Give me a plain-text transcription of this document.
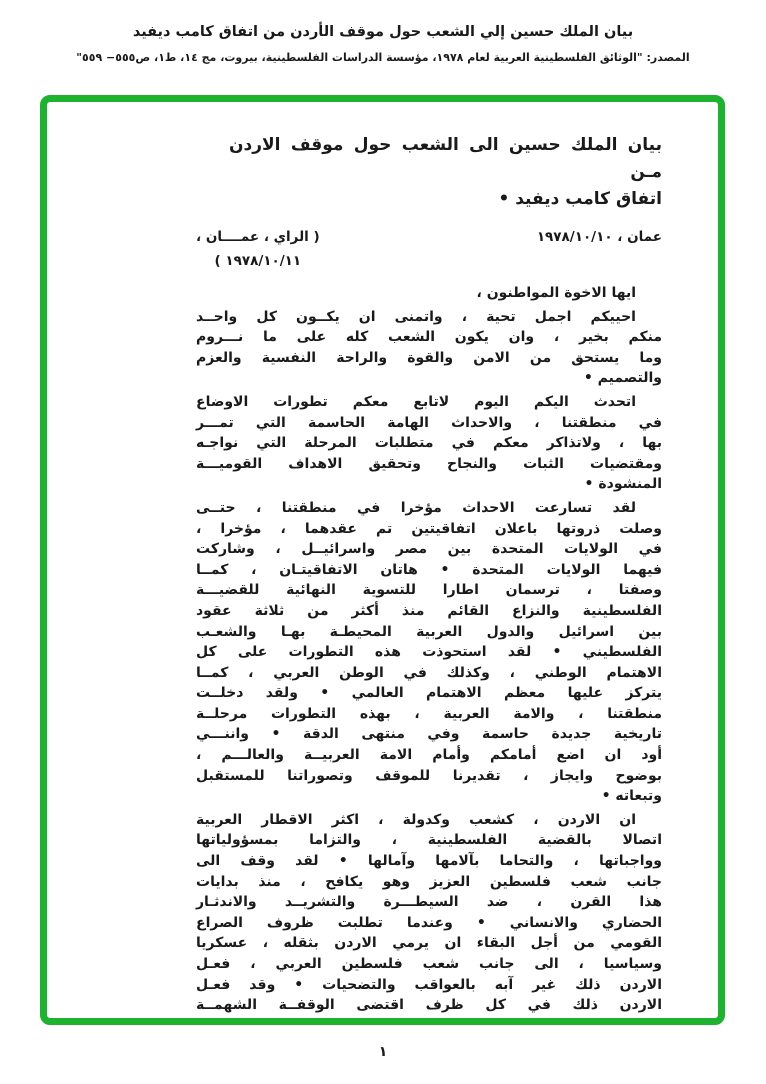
بيان الملك حسين إلي الشعب حول موقف الأردن من اتفاق كامب ديفيد
المصدر: "الوثائق الفلسطينية العربية لعام ١٩٧٨، مؤسسة الدراسات الفلسطينية، بيروت، مج ١٤، ط١، ص٥٥٥− ٥٥٩"
بيان الملك حسين الى الشعب حول موقف الاردن مـن
اتفاق كامب ديفيد •
عمان ، ١٩٧٨/١٠/١٠
( الراي ، عمــــان ،
١٩٧٨/١٠/١١ )
ايها الاخوة المواطنون ،
احييكم اجمل تحية ، واتمنى ان يكــون كل واحــد
منكم بخير ، وان يكون الشعب كله على ما نـــروم
وما يستحق من الامن والقوة والراحة النفسية والعزم
والتصميم •
اتحدث اليكم اليوم لاتابع معكم تطورات الاوضاع
في منطقتنا ، والاحداث الهامة الحاسمة التي تمـــر
بها ، ولاتذاكر معكم في متطلبات المرحلة التي نواجـه
ومقتضيات الثبات والنجاح وتحقيق الاهداف القوميـــة
المنشودة •
لقد تسارعت الاحداث مؤخرا في منطقتنا ، حتــى
وصلت ذروتها باعلان اتفاقيتين تم عقدهما ، مؤخرا ،
في الولايات المتحدة بين مصر واسرائيــل ، وشاركت
فيهما الولايات المتحدة • هاتان الاتفاقيتـان ، كمــا
وصفتا ، ترسمان اطارا للتسوية النهائية للقضيـــة
الفلسطينية والنزاع القائم منذ أكثر من ثلاثة عقود
بين اسرائيل والدول العربية المحيطـة بهـا والشعـب
الفلسطيني • لقد استحوذت هذه التطورات على كل
الاهتمام الوطني ، وكذلك في الوطن العربي ، كمــا
يتركز عليها معظم الاهتمام العالمي • ولقد دخلــت
منطقتنا ، والامة العربية ، بهذه التطورات مرحلــة
تاريخية جديدة حاسمة وفي منتهى الدقة • واننـــي
أود ان اضع أمامكم وأمام الامة العربيــة والعالـــم ،
بوضوح وايجاز ، تقديرنا للموقف وتصوراتنا للمستقبل
وتبعاته •
ان الاردن ، كشعب وكدولة ، اكثر الاقطار العربية
اتصالا بالقضية الفلسطينية ، والتزاما بمسؤولياتها
وواجباتها ، والتحاما بآلامها وآمالها • لقد وقف الى
جانب شعب فلسطين العزيز وهو يكافح ، منذ بدايات
هذا القرن ، ضد السيطـــرة والتشريــد والاندثـار
الحضاري والانساني • وعندما تطلبت ظروف الصراع
القومي من أجل البقاء ان يرمي الاردن بثقله ، عسكريا
وسياسيا ، الى جانب شعب فلسطين العربي ، فعـل
الاردن ذلك غير آبه بالعواقب والتضحيات • وقد فعـل
الاردن ذلك في كل ظرف اقتضى الوقفــة الشهمــة
١
